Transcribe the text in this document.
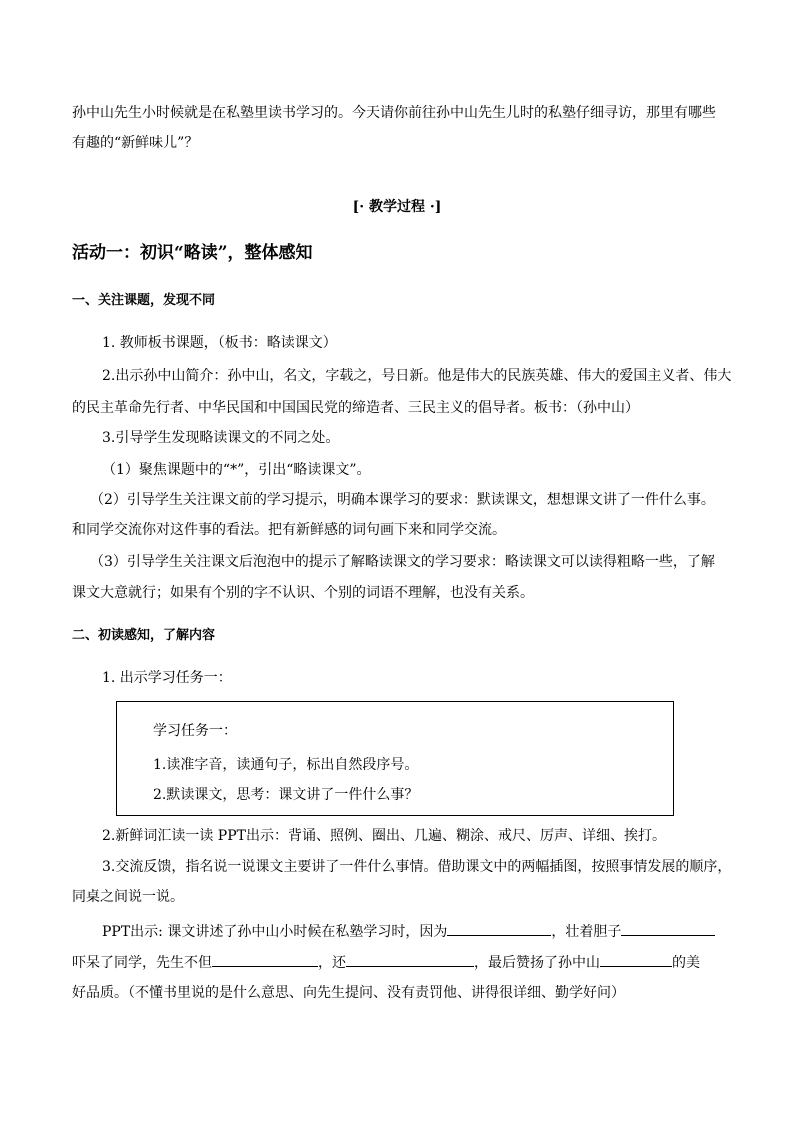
孙中山先生小时候就是在私塾里读书学习的。今天请你前往孙中山先生儿时的私塾仔细寻访，那里有哪些
有趣的“新鲜味儿”？
[· 教学过程 ·]
活动一：初识“略读”，整体感知
一、关注课题，发现不同
1. 教师板书课题，（板书：略读课文）
2.出示孙中山简介：孙中山，名文，字载之，号日新。他是伟大的民族英雄、伟大的爱国主义者、伟大
的民主革命先行者、中华民国和中国国民党的缔造者、三民主义的倡导者。板书：（孙中山）
3.引导学生发现略读课文的不同之处。
（1）聚焦课题中的“*”，引出“略读课文”。
（2）引导学生关注课文前的学习提示，明确本课学习的要求：默读课文，想想课文讲了一件什么事。
和同学交流你对这件事的看法。把有新鲜感的词句画下来和同学交流。
（3）引导学生关注课文后泡泡中的提示了解略读课文的学习要求：略读课文可以读得粗略一些，了解
课文大意就行；如果有个别的字不认识、个别的词语不理解，也没有关系。
二、初读感知，了解内容
1. 出示学习任务一：
学习任务一：
1.读准字音，读通句子，标出自然段序号。
2.默读课文，思考：课文讲了一件什么事？
2.新鲜词汇读一读 PPT出示：背诵、照例、圈出、几遍、糊涂、戒尺、厉声、详细、挨打。
3.交流反馈，指名说一说课文主要讲了一件什么事情。借助课文中的两幅插图，按照事情发展的顺序，
同桌之间说一说。
PPT出示: 课文讲述了孙中山小时候在私塾学习时，因为	，壮着胆子
吓呆了同学，先生不但	，还	，最后赞扬了孙中山	的美
好品质。（不懂书里说的是什么意思、向先生提问、没有责罚他、讲得很详细、勤学好问）
